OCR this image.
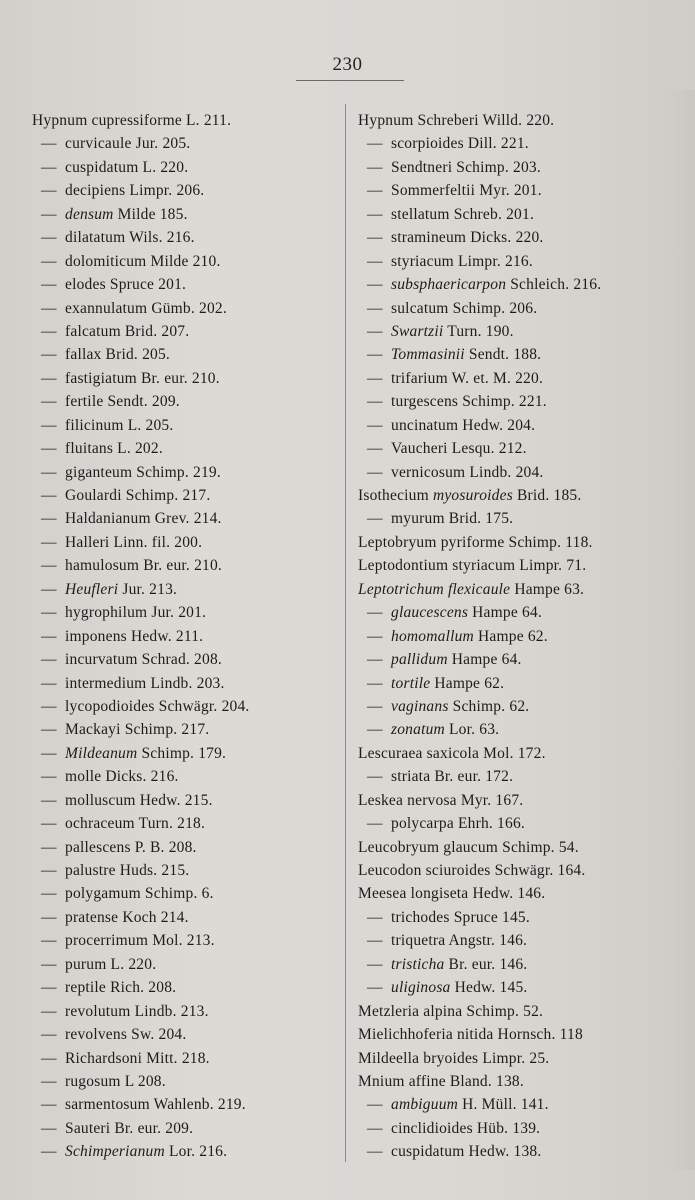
230
Hypnum cupressiforme L. 211.
— curvicaule Jur. 205.
— cuspidatum L. 220.
— decipiens Limpr. 206.
— densum Milde 185.
— dilatatum Wils. 216.
— dolomiticum Milde 210.
— elodes Spruce 201.
— exannulatum Gümb. 202.
— falcatum Brid. 207.
— fallax Brid. 205.
— fastigiatum Br. eur. 210.
— fertile Sendt. 209.
— filicinum L. 205.
— fluitans L. 202.
— giganteum Schimp. 219.
— Goulardi Schimp. 217.
— Haldanianum Grev. 214.
— Halleri Linn. fil. 200.
— hamulosum Br. eur. 210.
— Heufleri Jur. 213.
— hygrophilum Jur. 201.
— imponens Hedw. 211.
— incurvatum Schrad. 208.
— intermedium Lindb. 203.
— lycopodioides Schwägr. 204.
— Mackayi Schimp. 217.
— Mildeanum Schimp. 179.
— molle Dicks. 216.
— molluscum Hedw. 215.
— ochraceum Turn. 218.
— pallescens P. B. 208.
— palustre Huds. 215.
— polygamum Schimp. 6.
— pratense Koch 214.
— procerrimum Mol. 213.
— purum L. 220.
— reptile Rich. 208.
— revolutum Lindb. 213.
— revolvens Sw. 204.
— Richardsoni Mitt. 218.
— rugosum L 208.
— sarmentosum Wahlenb. 219.
— Sauteri Br. eur. 209.
— Schimperianum Lor. 216.
Hypnum Schreberi Willd. 220.
— scorpioides Dill. 221.
— Sendtneri Schimp. 203.
— Sommerfeltii Myr. 201.
— stellatum Schreb. 201.
— stramineum Dicks. 220.
— styriacum Limpr. 216.
— subsphaericarpon Schleich. 216.
— sulcatum Schimp. 206.
— Swartzii Turn. 190.
— Tommasinii Sendt. 188.
— trifarium W. et. M. 220.
— turgescens Schimp. 221.
— uncinatum Hedw. 204.
— Vaucheri Lesqu. 212.
— vernicosum Lindb. 204.
Isothecium myosuroides Brid. 185.
— myurum Brid. 175.
Leptobryum pyriforme Schimp. 118.
Leptodontium styriacum Limpr. 71.
Leptotrichum flexicaule Hampe 63.
— glaucescens Hampe 64.
— homomallum Hampe 62.
— pallidum Hampe 64.
— tortile Hampe 62.
— vaginans Schimp. 62.
— zonatum Lor. 63.
Lescuraea saxicola Mol. 172.
— striata Br. eur. 172.
Leskea nervosa Myr. 167.
— polycarpa Ehrh. 166.
Leucobryum glaucum Schimp. 54.
Leucodon sciuroides Schwägr. 164.
Meesea longiseta Hedw. 146.
— trichodes Spruce 145.
— triquetra Angstr. 146.
— tristicha Br. eur. 146.
— uliginosa Hedw. 145.
Metzleria alpina Schimp. 52.
Mielichhoferia nitida Hornsch. 118
Mildeella bryoides Limpr. 25.
Mnium affine Bland. 138.
— ambiguum H. Müll. 141.
— cinclidioides Hüb. 139.
— cuspidatum Hedw. 138.
